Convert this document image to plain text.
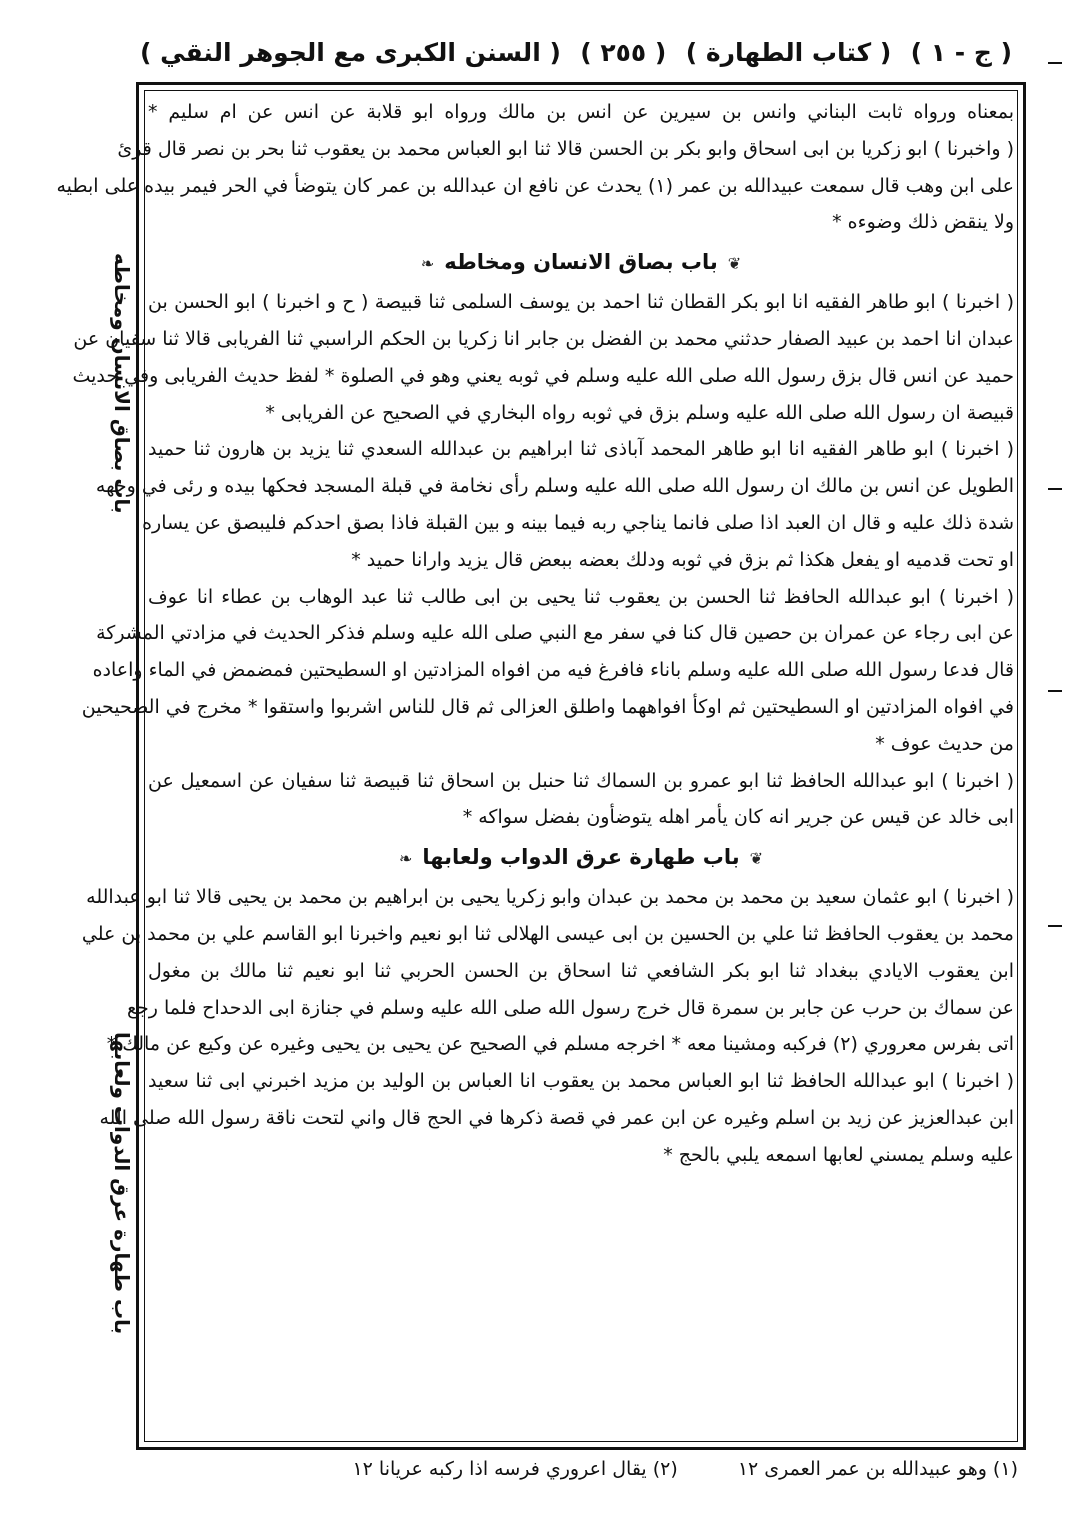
( السنن الكبرى مع الجوهر النقي ) ( ٢٥٥ ) ( كتاب الطهارة ) ( ج - ١ )
باب بصاق الانسان ومخاطه
باب طهارة عرق الدواب ولعابها
بمعناه ورواه ثابت البناني وانس بن سيرين عن انس بن مالك ورواه ابو قلابة عن انس عن ام سليم *
( واخبرنا ) ابو زكريا بن ابى اسحاق وابو بكر بن الحسن قالا ثنا ابو العباس محمد بن يعقوب ثنا بحر بن نصر قال قرئ
على ابن وهب قال سمعت عبيدالله بن عمر (١) يحدث عن نافع ان عبدالله بن عمر كان يتوضأ في الحر فيمر بيده على ابطيه
ولا ينقض ذلك وضوءه *
❦باب بصاق الانسان ومخاطه❧
( اخبرنا ) ابو طاهر الفقيه انا ابو بكر القطان ثنا احمد بن يوسف السلمى ثنا قبيصة ( ح و اخبرنا ) ابو الحسن بن
عبدان انا احمد بن عبيد الصفار حدثني محمد بن الفضل بن جابر انا زكريا بن الحكم الراسبي ثنا الفريابى قالا ثنا سفيان عن
حميد عن انس قال بزق رسول الله صلى الله عليه وسلم في ثوبه يعني وهو في الصلوة * لفظ حديث الفريابى وفي حديث
قبيصة ان رسول الله صلى الله عليه وسلم بزق في ثوبه رواه البخاري في الصحيح عن الفريابى *
( اخبرنا ) ابو طاهر الفقيه انا ابو طاهر المحمد آباذى ثنا ابراهيم بن عبدالله السعدي ثنا يزيد بن هارون ثنا حميد
الطويل عن انس بن مالك ان رسول الله صلى الله عليه وسلم رأى نخامة في قبلة المسجد فحكها بيده و رئى في وجهه
شدة ذلك عليه و قال ان العبد اذا صلى فانما يناجي ربه فيما بينه و بين القبلة فاذا بصق احدكم فليبصق عن يساره
او تحت قدميه او يفعل هكذا ثم بزق في ثوبه ودلك بعضه ببعض قال يزيد وارانا حميد *
( اخبرنا ) ابو عبدالله الحافظ ثنا الحسن بن يعقوب ثنا يحيى بن ابى طالب ثنا عبد الوهاب بن عطاء انا عوف
عن ابى رجاء عن عمران بن حصين قال كنا في سفر مع النبي صلى الله عليه وسلم فذكر الحديث في مزادتي المشركة
قال فدعا رسول الله صلى الله عليه وسلم باناء فافرغ فيه من افواه المزادتين او السطيحتين فمضمض في الماء واعاده
في افواه المزادتين او السطيحتين ثم اوكأ افواههما واطلق العزالى ثم قال للناس اشربوا واستقوا * مخرج في الصحيحين
من حديث عوف *
( اخبرنا ) ابو عبدالله الحافظ ثنا ابو عمرو بن السماك ثنا حنبل بن اسحاق ثنا قبيصة ثنا سفيان عن اسمعيل عن
ابى خالد عن قيس عن جرير انه كان يأمر اهله يتوضأون بفضل سواكه *
❦باب طهارة عرق الدواب ولعابها❧
( اخبرنا ) ابو عثمان سعيد بن محمد بن محمد بن عبدان وابو زكريا يحيى بن ابراهيم بن محمد بن يحيى قالا ثنا ابو عبدالله
محمد بن يعقوب الحافظ ثنا علي بن الحسين بن ابى عيسى الهلالى ثنا ابو نعيم واخبرنا ابو القاسم علي بن محمد بن علي
ابن يعقوب الايادي ببغداد ثنا ابو بكر الشافعي ثنا اسحاق بن الحسن الحربي ثنا ابو نعيم ثنا مالك بن مغول
عن سماك بن حرب عن جابر بن سمرة قال خرج رسول الله صلى الله عليه وسلم في جنازة ابى الدحداح فلما رجع
اتى بفرس معروري (٢) فركبه ومشينا معه * اخرجه مسلم في الصحيح عن يحيى بن يحيى وغيره عن وكيع عن مالك *
( اخبرنا ) ابو عبدالله الحافظ ثنا ابو العباس محمد بن يعقوب انا العباس بن الوليد بن مزيد اخبرني ابى ثنا سعيد
ابن عبدالعزيز عن زيد بن اسلم وغيره عن ابن عمر في قصة ذكرها في الحج قال واني لتحت ناقة رسول الله صلى الله
عليه وسلم يمسني لعابها اسمعه يلبي بالحج *
(١) وهو عبيدالله بن عمر العمرى ١٢
(٢) يقال اعروري فرسه اذا ركبه عريانا ١٢
